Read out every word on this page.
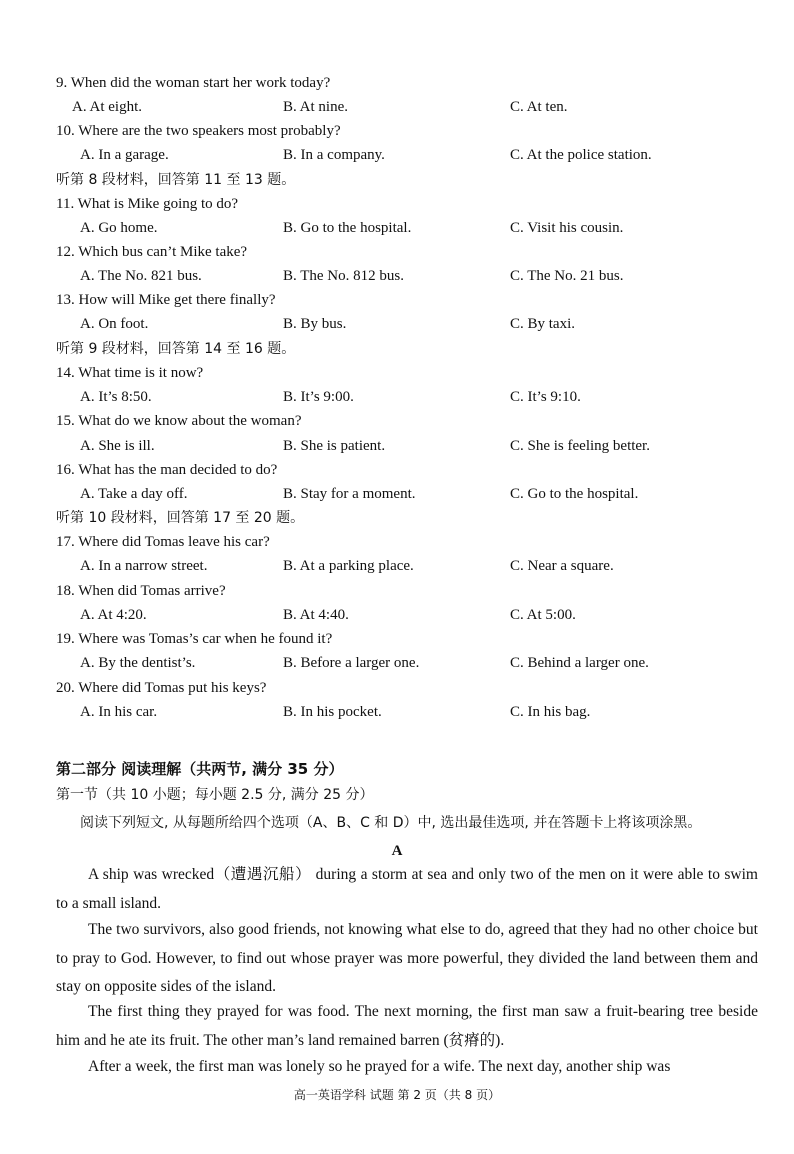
9. When did the woman start her work today?
A. At eight.	B. At nine.	C. At ten.
10. Where are the two speakers most probably?
A. In a garage.	B. In a company.	C. At the police station.
听第 8 段材料，回答第 11 至 13 题。
11. What is Mike going to do?
A. Go home.	B. Go to the hospital.	C. Visit his cousin.
12. Which bus can’t Mike take?
A. The No. 821 bus.	B. The No. 812 bus.	C. The No. 21 bus.
13. How will Mike get there finally?
A. On foot.	B. By bus.	C. By taxi.
听第 9 段材料，回答第 14 至 16 题。
14. What time is it now?
A. It’s 8:50.	B. It’s 9:00.	C. It’s 9:10.
15. What do we know about the woman?
A. She is ill.	B. She is patient.	C. She is feeling better.
16. What has the man decided to do?
A. Take a day off.	B. Stay for a moment.	C. Go to the hospital.
听第 10 段材料，回答第 17 至 20 题。
17. Where did Tomas leave his car?
A. In a narrow street.	B. At a parking place.	C. Near a square.
18. When did Tomas arrive?
A. At 4:20.	B. At 4:40.	C. At 5:00.
19. Where was Tomas’s car when he found it?
A. By the dentist’s.	B. Before a larger one.	C. Behind a larger one.
20. Where did Tomas put his keys?
A. In his car.	B. In his pocket.	C. In his bag.
第二部分 阅读理解（共两节, 满分 35 分）
第一节（共 10 小题；每小题 2.5 分, 满分 25 分）
阅读下列短文, 从每题所给四个选项（A、B、C 和 D）中, 选出最佳选项, 并在答题卡上将该项涂黑。
A
A ship was wrecked（遭遇沉船） during a storm at sea and only two of the men on it were able to swim to a small island.
The two survivors, also good friends, not knowing what else to do, agreed that they had no other choice but to pray to God. However, to find out whose prayer was more powerful, they divided the land between them and stay on opposite sides of the island.
The first thing they prayed for was food. The next morning, the first man saw a fruit-bearing tree beside him and he ate its fruit. The other man’s land remained barren (贫瘠的).
After a week, the first man was lonely so he prayed for a wife. The next day, another ship was
高一英语学科 试题 第 2 页（共 8 页）
